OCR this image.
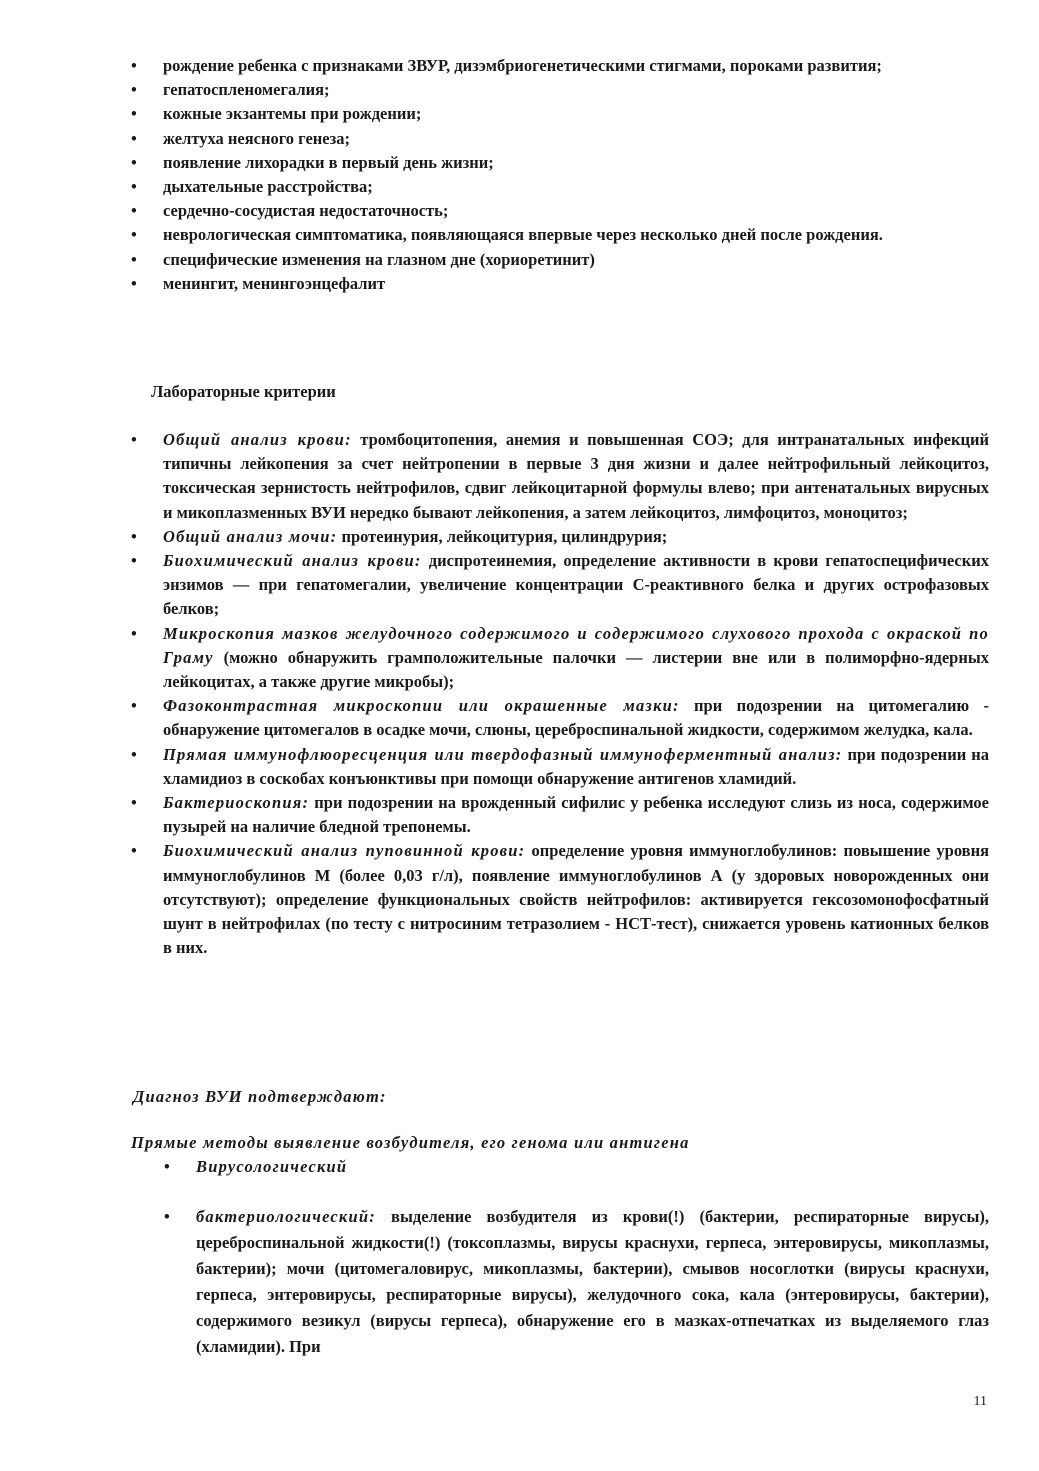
• рождение ребенка с признаками ЗВУР, дизэмбриогенетическими стигмами, пороками развития;
• гепатоспленомегалия;
• кожные экзантемы при рождении;
• желтуха неясного генеза;
• появление лихорадки в первый день жизни;
• дыхательные расстройства;
• сердечно-сосудистая недостаточность;
• неврологическая симптоматика, появляющаяся впервые через несколько дней после рождения.
• специфические изменения на глазном дне (хориоретинит)
• менингит, менингоэнцефалит
Лабораторные критерии
• Общий анализ крови: тромбоцитопения, анемия и повышенная СОЭ; для интранатальных инфекций типичны лейкопения за счет нейтропении в первые 3 дня жизни и далее нейтрофильный лейкоцитоз, токсическая зернистость нейтрофилов, сдвиг лейкоцитарной формулы влево; при антенатальных вирусных и микоплазменных ВУИ нередко бывают лейкопения, а затем лейкоцитоз, лимфоцитоз, моноцитоз;
• Общий анализ мочи: протеинурия, лейкоцитурия, цилиндрурия;
• Биохимический анализ крови: диспротеинемия, определение активности в крови гепатоспецифических энзимов — при гепатомегалии, увеличение концентрации С-реактивного белка и других острофазовых белков;
• Микроскопия мазков желудочного содержимого и содержимого слухового прохода с окраской по Граму (можно обнаружить грамположительные палочки — листерии вне или в полиморфно-ядерных лейкоцитах, а также другие микробы);
• Фазоконтрастная микроскопии или окрашенные мазки: при подозрении на цитомегалию - обнаружение цитомегалов в осадке мочи, слюны, цереброспинальной жидкости, содержимом желудка, кала.
• Прямая иммунофлюоресценция или твердофазный иммуноферментный анализ: при подозрении на хламидиоз в соскобах конъюнктивы при помощи обнаружение антигенов хламидий.
• Бактериоскопия: при подозрении на врожденный сифилис у ребенка исследуют слизь из носа, содержимое пузырей на наличие бледной трепонемы.
• Биохимический анализ пуповинной крови: определение уровня иммуноглобулинов: повышение уровня иммуноглобулинов М (более 0,03 г/л), появление иммуноглобулинов А (у здоровых новорожденных они отсутствуют); определение функциональных свойств нейтрофилов: активируется гексозомонофосфатный шунт в нейтрофилах (по тесту с нитросиним тетразолием - НСТ-тест), снижается уровень катионных белков в них.
Диагноз ВУИ подтверждают:
Прямые методы выявление возбудителя, его генома или антигена
• Вирусологический
• бактериологический: выделение возбудителя из крови(!) (бактерии, респираторные вирусы), цереброспинальной жидкости(!) (токсоплазмы, вирусы краснухи, герпеса, энтеровирусы, микоплазмы, бактерии); мочи (цитомегаловирус, микоплазмы, бактерии), смывов носоглотки (вирусы краснухи, герпеса, энтеровирусы, респираторные вирусы), желудочного сока, кала (энтеровирусы, бактерии), содержимого везикул (вирусы герпеса), обнаружение его в мазках-отпечатках из выделяемого глаз (хламидии). При
11
